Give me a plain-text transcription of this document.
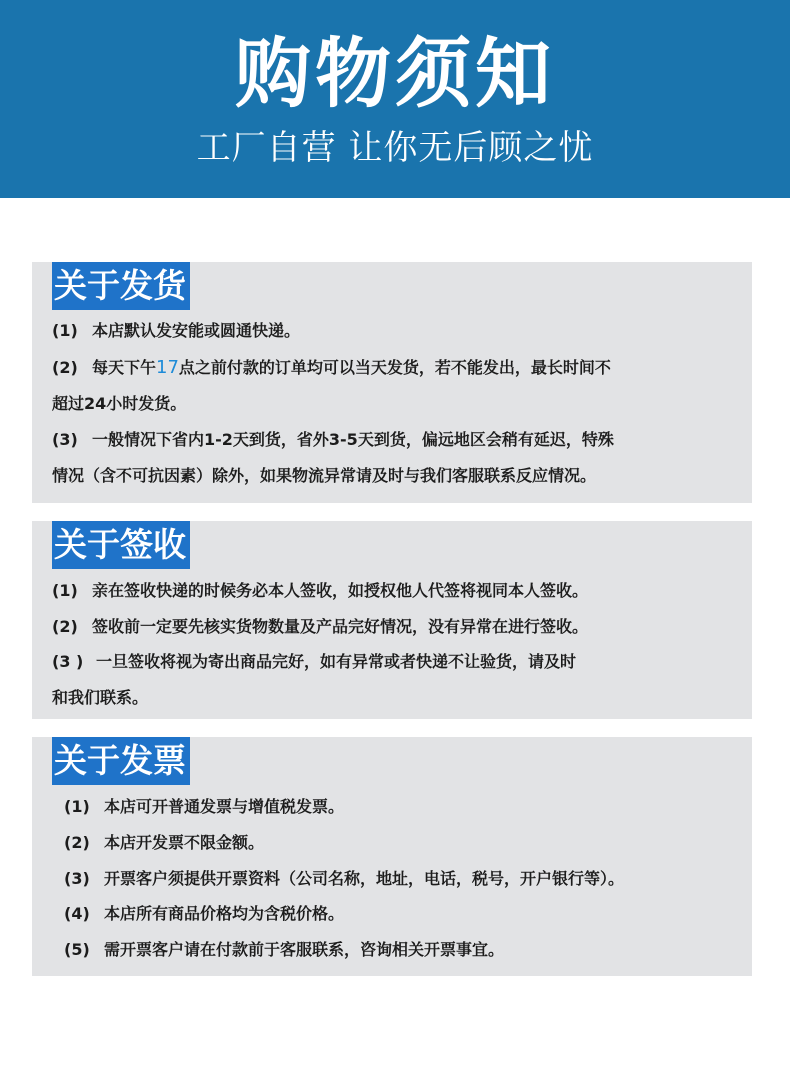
购物须知
工厂自营 让你无后顾之忧
关于发货
(1) 本店默认发安能或圆通快递。
(2) 每天下午17点之前付款的订单均可以当天发货，若不能发出，最长时间不
超过24小时发货。
(3) 一般情况下省内1-2天到货，省外3-5天到货，偏远地区会稍有延迟，特殊
情况（含不可抗因素）除外，如果物流异常请及时与我们客服联系反应情况。
关于签收
(1) 亲在签收快递的时候务必本人签收，如授权他人代签将视同本人签收。
(2) 签收前一定要先核实货物数量及产品完好情况，没有异常在进行签收。
(3 ) 一旦签收将视为寄出商品完好，如有异常或者快递不让验货，请及时
和我们联系。
关于发票
(1) 本店可开普通发票与增值税发票。
(2) 本店开发票不限金额。
(3) 开票客户须提供开票资料（公司名称，地址，电话，税号，开户银行等）。
(4) 本店所有商品价格均为含税价格。
(5) 需开票客户请在付款前于客服联系，咨询相关开票事宜。
